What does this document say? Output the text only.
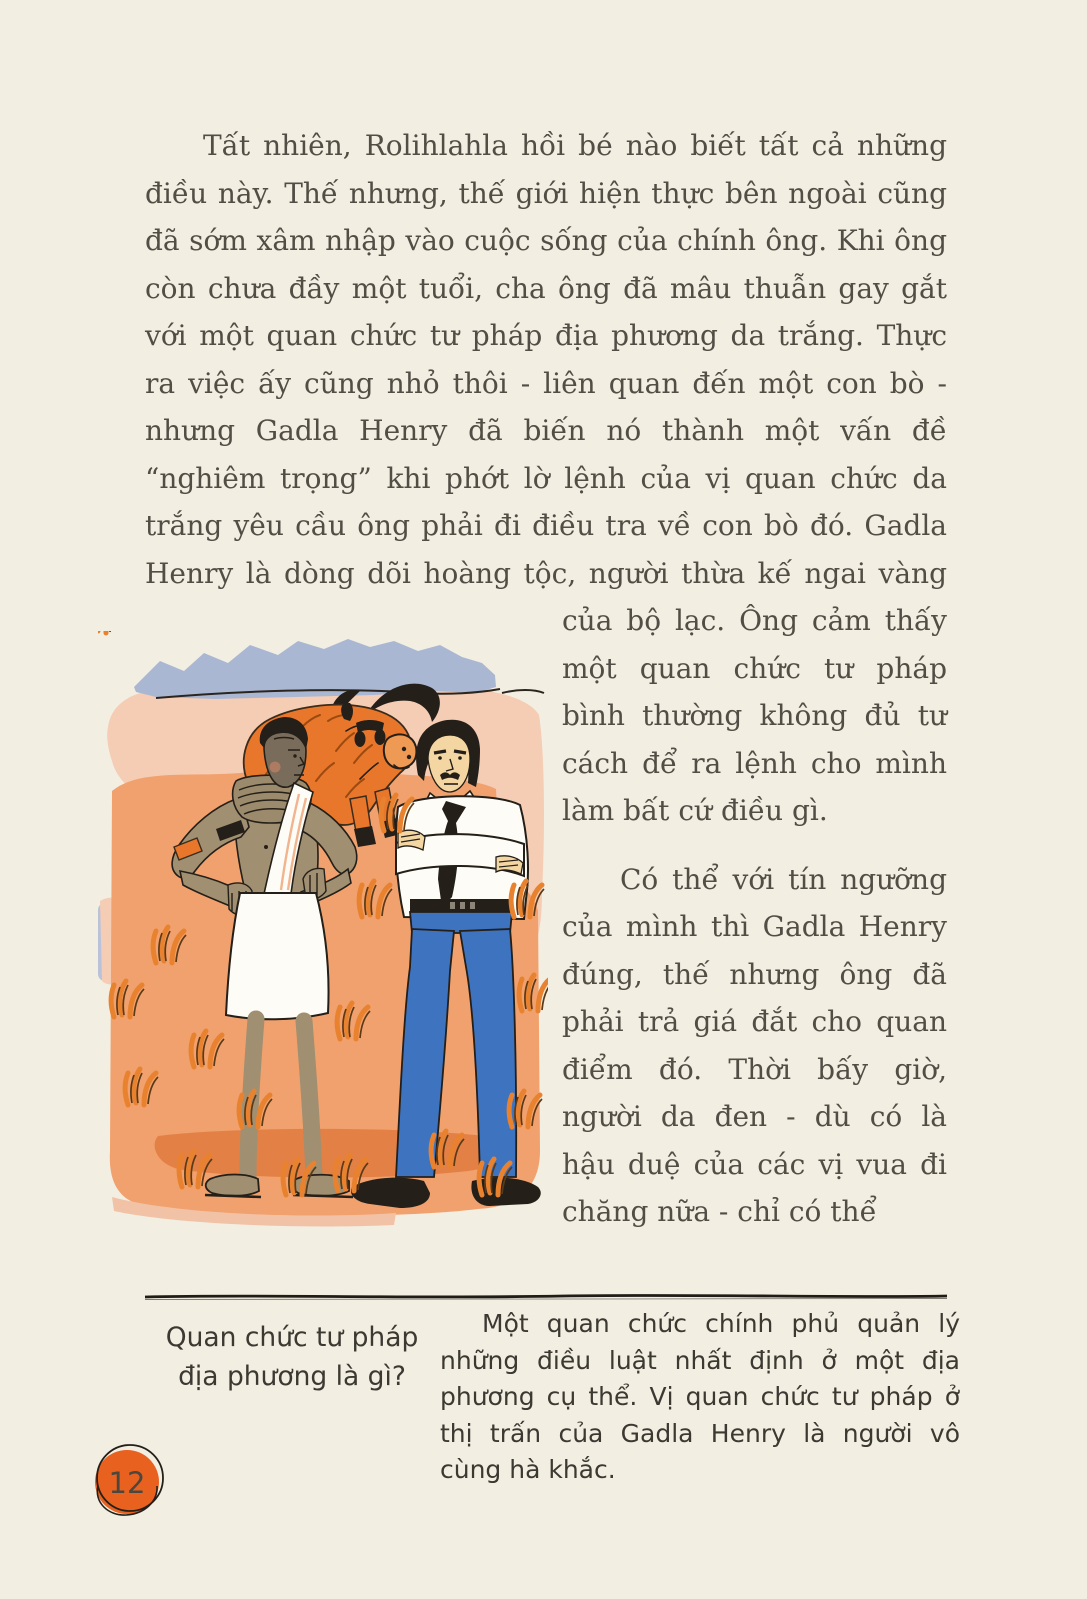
Tất nhiên, Rolihlahla hồi bé nào biết tất cả những điều này. Thế nhưng, thế giới hiện thực bên ngoài cũng đã sớm xâm nhập vào cuộc sống của chính ông. Khi ông còn chưa đầy một tuổi, cha ông đã mâu thuẫn gay gắt với một quan chức tư pháp địa phương da trắng. Thực ra việc ấy cũng nhỏ thôi - liên quan đến một con bò - nhưng Gadla Henry đã biến nó thành một vấn đề “nghiêm trọng” khi phớt lờ lệnh của vị quan chức da trắng yêu cầu ông phải đi điều tra về con bò đó. Gadla Henry là dòng dõi hoàng tộc, người
thừa kế ngai vàng của bộ lạc. Ông cảm thấy một quan chức tư pháp bình thường không đủ tư cách để ra lệnh cho mình làm bất cứ điều gì.

Có thể với tín ngưỡng của mình thì Gadla Henry đúng, thế nhưng ông đã phải trả giá đắt cho quan điểm đó. Thời bấy giờ, người da đen - dù có là hậu duệ của các vị vua đi chăng nữa - chỉ có thể

Quan chức tư pháp địa phương là gì?
Một quan chức chính phủ quản lý những điều luật nhất định ở một địa phương cụ thể. Vị quan chức tư pháp ở thị trấn của Gadla Henry là người vô cùng hà khắc.
12
